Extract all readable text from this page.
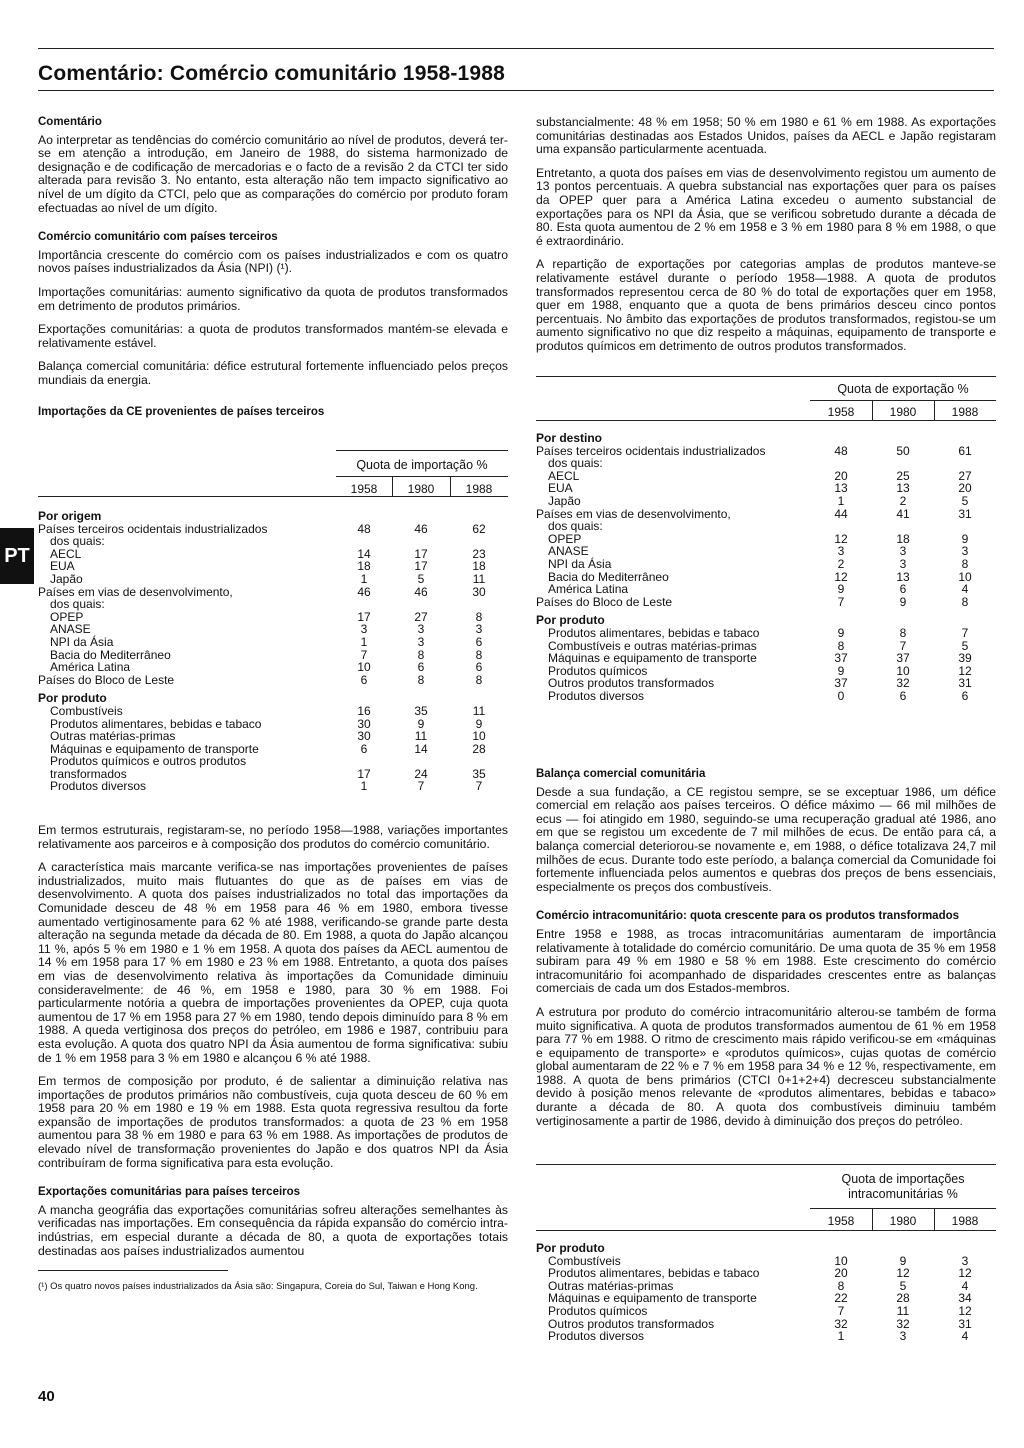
Comentário: Comércio comunitário 1958-1988
PT
Comentário

Ao interpretar as tendências do comércio comunitário ao nível de produtos, deverá ter-se em atenção a introdução, em Janeiro de 1988, do sistema harmonizado de designação e de codificação de mercadorias e o facto de a revisão 2 da CTCI ter sido alterada para revisão 3. No entanto, esta alteração não tem impacto significativo ao nível de um dígito da CTCI, pelo que as comparações do comércio por produto foram efectuadas ao nível de um dígito.

Comércio comunitário com países terceiros

Importância crescente do comércio com os países industrializados e com os quatro novos países industrializados da Ásia (NPI) (¹).

Importações comunitárias: aumento significativo da quota de produtos transformados em detrimento de produtos primários.

Exportações comunitárias: a quota de produtos transformados mantém-se elevada e relativamente estável.

Balança comercial comunitária: défice estrutural fortemente influenciado pelos preços mundiais da energia.

Importações da CE provenientes de países terceiros
Quota de importação %
1958	1980	1988
Por origem			
Países terceiros ocidentais industrializados	48	46	62
dos quais:			
AECL	14	17	23
EUA	18	17	18
Japão	1	5	11
Países em vias de desenvolvimento,	46	46	30
dos quais:			
OPEP	17	27	8
ANASE	3	3	3
NPI da Ásia	1	3	6
Bacia do Mediterrâneo	7	8	8
América Latina	10	6	6
Países do Bloco de Leste	6	8	8
Por produto			
Combustíveis	16	35	11
Produtos alimentares, bebidas e tabaco	30	9	9
Outras matérias-primas	30	11	10
Máquinas e equipamento de transporte	6	14	28
Produtos químicos e outros produtos			
transformados	17	24	35
Produtos diversos	1	7	7

Em termos estruturais, registaram-se, no período 1958—1988, variações importantes relativamente aos parceiros e à composição dos produtos do comércio comunitário.

A característica mais marcante verifica-se nas importações provenientes de países industrializados, muito mais flutuantes do que as de países em vias de desenvolvimento. A quota dos países industrializados no total das importações da Comunidade desceu de 48 % em 1958 para 46 % em 1980, embora tivesse aumentado vertiginosamente para 62 % até 1988, verificando-se grande parte desta alteração na segunda metade da década de 80. Em 1988, a quota do Japão alcançou 11 %, após 5 % em 1980 e 1 % em 1958. A quota dos países da AECL aumentou de 14 % em 1958 para 17 % em 1980 e 23 % em 1988. Entretanto, a quota dos países em vias de desenvolvimento relativa às importações da Comunidade diminuiu consideravelmente: de 46 %, em 1958 e 1980, para 30 % em 1988. Foi particularmente notória a quebra de importações provenientes da OPEP, cuja quota aumentou de 17 % em 1958 para 27 % em 1980, tendo depois diminuído para 8 % em 1988. A queda vertiginosa dos preços do petróleo, em 1986 e 1987, contribuiu para esta evolução. A quota dos quatro NPI da Ásia aumentou de forma significativa: subiu de 1 % em 1958 para 3 % em 1980 e alcançou 6 % até 1988.

Em termos de composição por produto, é de salientar a diminuição relativa nas importações de produtos primários não combustíveis, cuja quota desceu de 60 % em 1958 para 20 % em 1980 e 19 % em 1988. Esta quota regressiva resultou da forte expansão de importações de produtos transformados: a quota de 23 % em 1958 aumentou para 38 % em 1980 e para 63 % em 1988. As importações de produtos de elevado nível de transformação provenientes do Japão e dos quatros NPI da Ásia contribuíram de forma significativa para esta evolução.

Exportações comunitárias para países terceiros

A mancha geográfia das exportações comunitárias sofreu alterações semelhantes às verificadas nas importações. Em consequência da rápida expansão do comércio intra-indústrias, em especial durante a década de 80, a quota de exportações totais destinadas aos países industrializados aumentou

(¹) Os quatro novos países industrializados da Ásia são: Singapura, Coreia do Sul, Taiwan e Hong Kong.
40

substancialmente: 48 % em 1958; 50 % em 1980 e 61 % em 1988. As exportações comunitárias destinadas aos Estados Unidos, países da AECL e Japão registaram uma expansão particularmente acentuada.

Entretanto, a quota dos países em vias de desenvolvimento registou um aumento de 13 pontos percentuais. A quebra substancial nas exportações quer para os países da OPEP quer para a América Latina excedeu o aumento substancial de exportações para os NPI da Ásia, que se verificou sobretudo durante a década de 80. Esta quota aumentou de 2 % em 1958 e 3 % em 1980 para 8 % em 1988, o que é extraordinário.

A repartição de exportações por categorias amplas de produtos manteve-se relativamente estável durante o período 1958—1988. A quota de produtos transformados representou cerca de 80 % do total de exportações quer em 1958, quer em 1988, enquanto que a quota de bens primários desceu cinco pontos percentuais. No âmbito das exportações de produtos transformados, registou-se um aumento significativo no que diz respeito a máquinas, equipamento de transporte e produtos químicos em detrimento de outros produtos transformados.

Quota de exportação %
1958	1980	1988
Por destino			
Países terceiros ocidentais industrializados	48	50	61
dos quais:			
AECL	20	25	27
EUA	13	13	20
Japão	1	2	5
Países em vias de desenvolvimento,	44	41	31
dos quais:			
OPEP	12	18	9
ANASE	3	3	3
NPI da Ásia	2	3	8
Bacia do Mediterrâneo	12	13	10
América Latina	9	6	4
Países do Bloco de Leste	7	9	8
Por produto			
Produtos alimentares, bebidas e tabaco	9	8	7
Combustíveis e outras matérias-primas	8	7	5
Máquinas e equipamento de transporte	37	37	39
Produtos químicos	9	10	12
Outros produtos transformados	37	32	31
Produtos diversos	0	6	6
Balança comercial comunitária

Desde a sua fundação, a CE registou sempre, se se exceptuar 1986, um défice comercial em relação aos países terceiros. O défice máximo — 66 mil milhões de ecus — foi atingido em 1980, seguindo-se uma recuperação gradual até 1986, ano em que se registou um excedente de 7 mil milhões de ecus. De então para cá, a balança comercial deteriorou-se novamente e, em 1988, o défice totalizava 24,7 mil milhões de ecus. Durante todo este período, a balança comercial da Comunidade foi fortemente influenciada pelos aumentos e quebras dos preços de bens essenciais, especialmente os preços dos combustíveis.

Comércio intracomunitário: quota crescente para os produtos transformados

Entre 1958 e 1988, as trocas intracomunitárias aumentaram de importância relativamente à totalidade do comércio comunitário. De uma quota de 35 % em 1958 subiram para 49 % em 1980 e 58 % em 1988. Este crescimento do comércio intracomunitário foi acompanhado de disparidades crescentes entre as balanças comerciais de cada um dos Estados-membros.

A estrutura por produto do comércio intracomunitário alterou-se também de forma muito significativa. A quota de produtos transformados aumentou de 61 % em 1958 para 77 % em 1988. O ritmo de crescimento mais rápido verificou-se em «máquinas e equipamento de transporte» e «produtos químicos», cujas quotas de comércio global aumentaram de 22 % e 7 % em 1958 para 34 % e 12 %, respectivamente, em 1988. A quota de bens primários (CTCI 0+1+2+4) decresceu substancialmente devido à posição menos relevante de «produtos alimentares, bebidas e tabaco» durante a década de 80. A quota dos combustíveis diminuiu também vertiginosamente a partir de 1986, devido à diminuição dos preços do petróleo.

Quota de importações
intracomunitárias %
1958	1980	1988
Por produto			
Combustíveis	10	9	3
Produtos alimentares, bebidas e tabaco	20	12	12
Outras matérias-primas	8	5	4
Máquinas e equipamento de transporte	22	28	34
Produtos químicos	7	11	12
Outros produtos transformados	32	32	31
Produtos diversos	1	3	4
